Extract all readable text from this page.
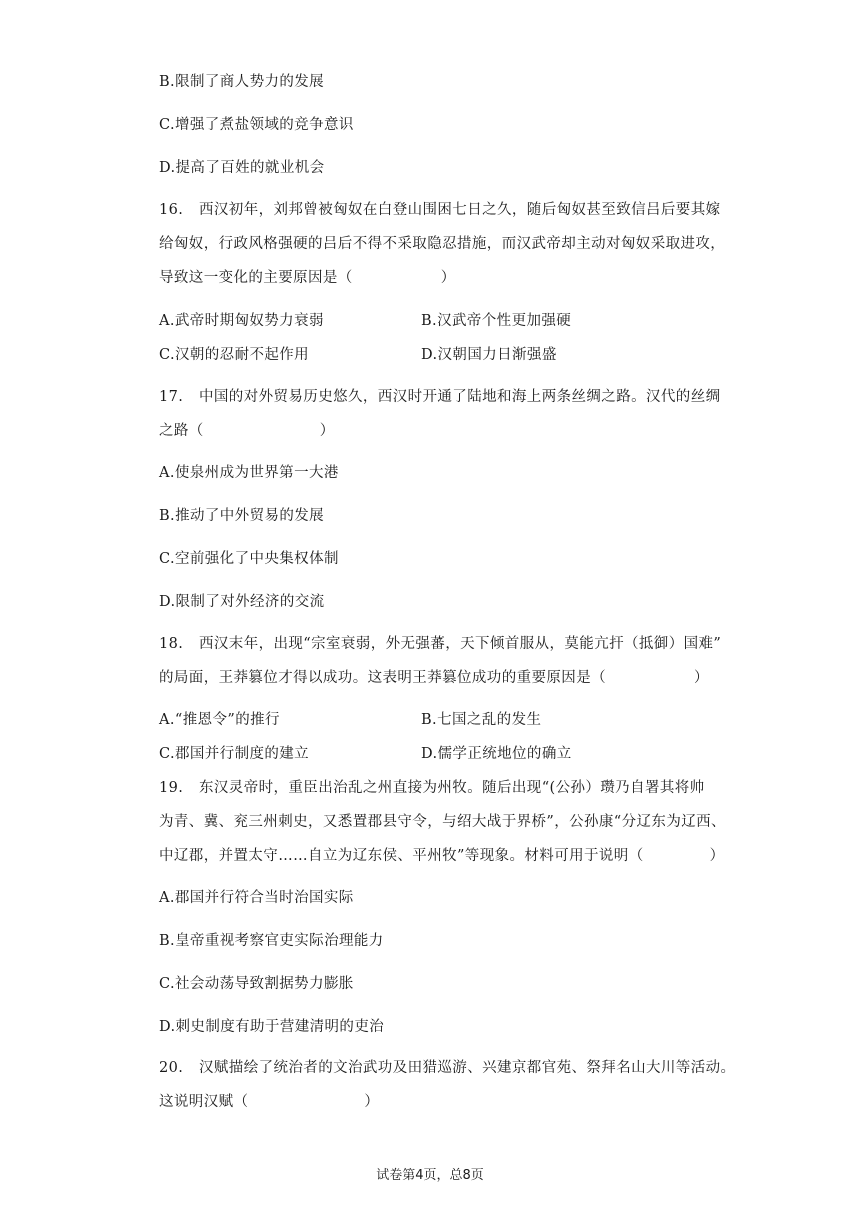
B.限制了商人势力的发展
C.增强了煮盐领域的竞争意识
D.提高了百姓的就业机会
16. 西汉初年，刘邦曾被匈奴在白登山围困七日之久，随后匈奴甚至致信吕后要其嫁
给匈奴，行政风格强硬的吕后不得不采取隐忍措施，而汉武帝却主动对匈奴采取进攻，
导致这一变化的主要原因是（	）
A.武帝时期匈奴势力衰弱	B.汉武帝个性更加强硬
C.汉朝的忍耐不起作用	D.汉朝国力日渐强盛
17. 中国的对外贸易历史悠久，西汉时开通了陆地和海上两条丝绸之路。汉代的丝绸
之路（	）
A.使泉州成为世界第一大港
B.推动了中外贸易的发展
C.空前强化了中央集权体制
D.限制了对外经济的交流
18. 西汉末年，出现“宗室衰弱，外无强蕃，天下倾首服从，莫能亢扞（抵御）国难”
的局面，王莽篡位才得以成功。这表明王莽篡位成功的重要原因是（	）
A.“推恩令”的推行	B.七国之乱的发生
C.郡国并行制度的建立	D.儒学正统地位的确立
19. 东汉灵帝时，重臣出治乱之州直接为州牧。随后出现“(公孙）瓒乃自署其将帅
为青、冀、兖三州刺史，又悉置郡县守令，与绍大战于界桥”，公孙康“分辽东为辽西、
中辽郡，并置太守……自立为辽东侯、平州牧”等现象。材料可用于说明（	）
A.郡国并行符合当时治国实际
B.皇帝重视考察官吏实际治理能力
C.社会动荡导致割据势力膨胀
D.刺史制度有助于营建清明的吏治
20. 汉赋描绘了统治者的文治武功及田猎巡游、兴建京都官苑、祭拜名山大川等活动。
这说明汉赋（	）
试卷第4页，总8页
